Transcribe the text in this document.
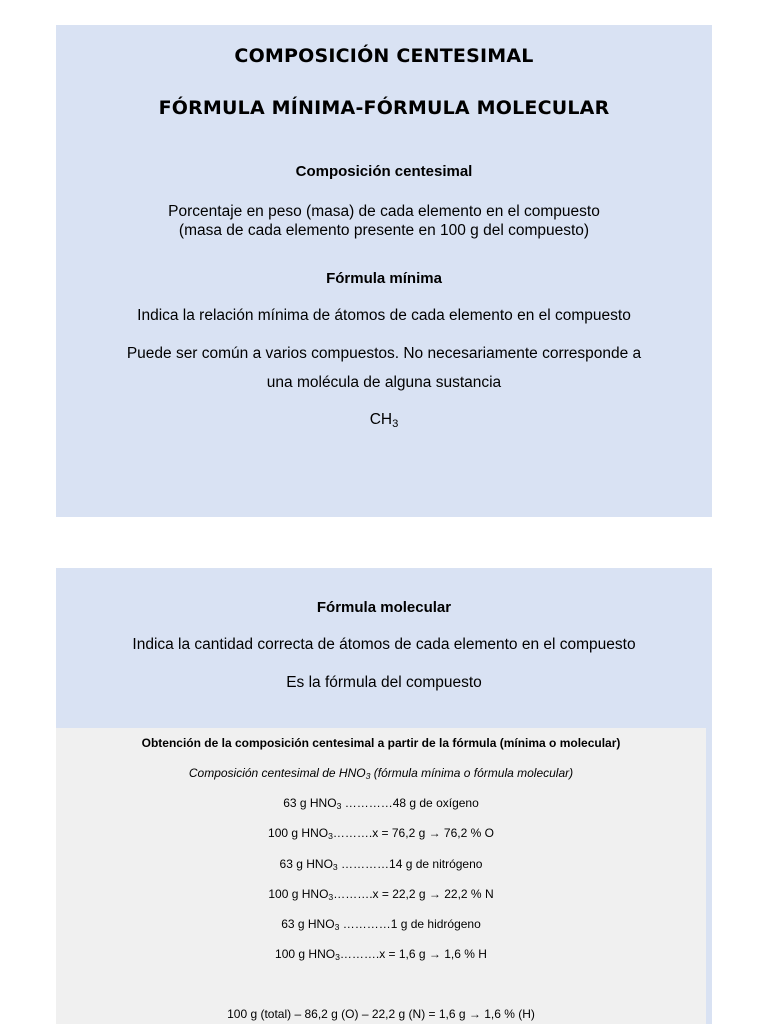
COMPOSICIÓN CENTESIMAL
FÓRMULA MÍNIMA-FÓRMULA MOLECULAR
Composición centesimal
Porcentaje en peso (masa) de cada elemento en el compuesto
(masa de cada elemento presente en 100 g del compuesto)
Fórmula mínima
Indica la relación mínima de átomos de cada elemento en el compuesto
Puede ser común a varios compuestos. No necesariamente corresponde a
una molécula de alguna sustancia
$CH_3$
Fórmula molecular
Indica la cantidad correcta de átomos de cada elemento en el compuesto
Es la fórmula del compuesto
Obtención de la composición centesimal a partir de la fórmula (mínima o molecular)
Composición centesimal de $HNO_3$ (fórmula mínima o fórmula molecular)
63 g $HNO_3$ …………48 g de oxígeno
100 g $HNO_3\dots\dots\dots.x = 76,2$ g → 76,2 % O
63 g $HNO_3$ …………14 g de nitrógeno
100 g $HNO_3\dots\dots\dots.x = 22,2$ g → 22,2 % N
63 g $HNO_3$ …………1 g de hidrógeno
100 g $HNO_3\dots\dots\dots.x = 1,6$ g → 1,6 % H
100 g (total) – 86,2 g (O) – 22,2 g (N) = 1,6 g → 1,6 % (H)
